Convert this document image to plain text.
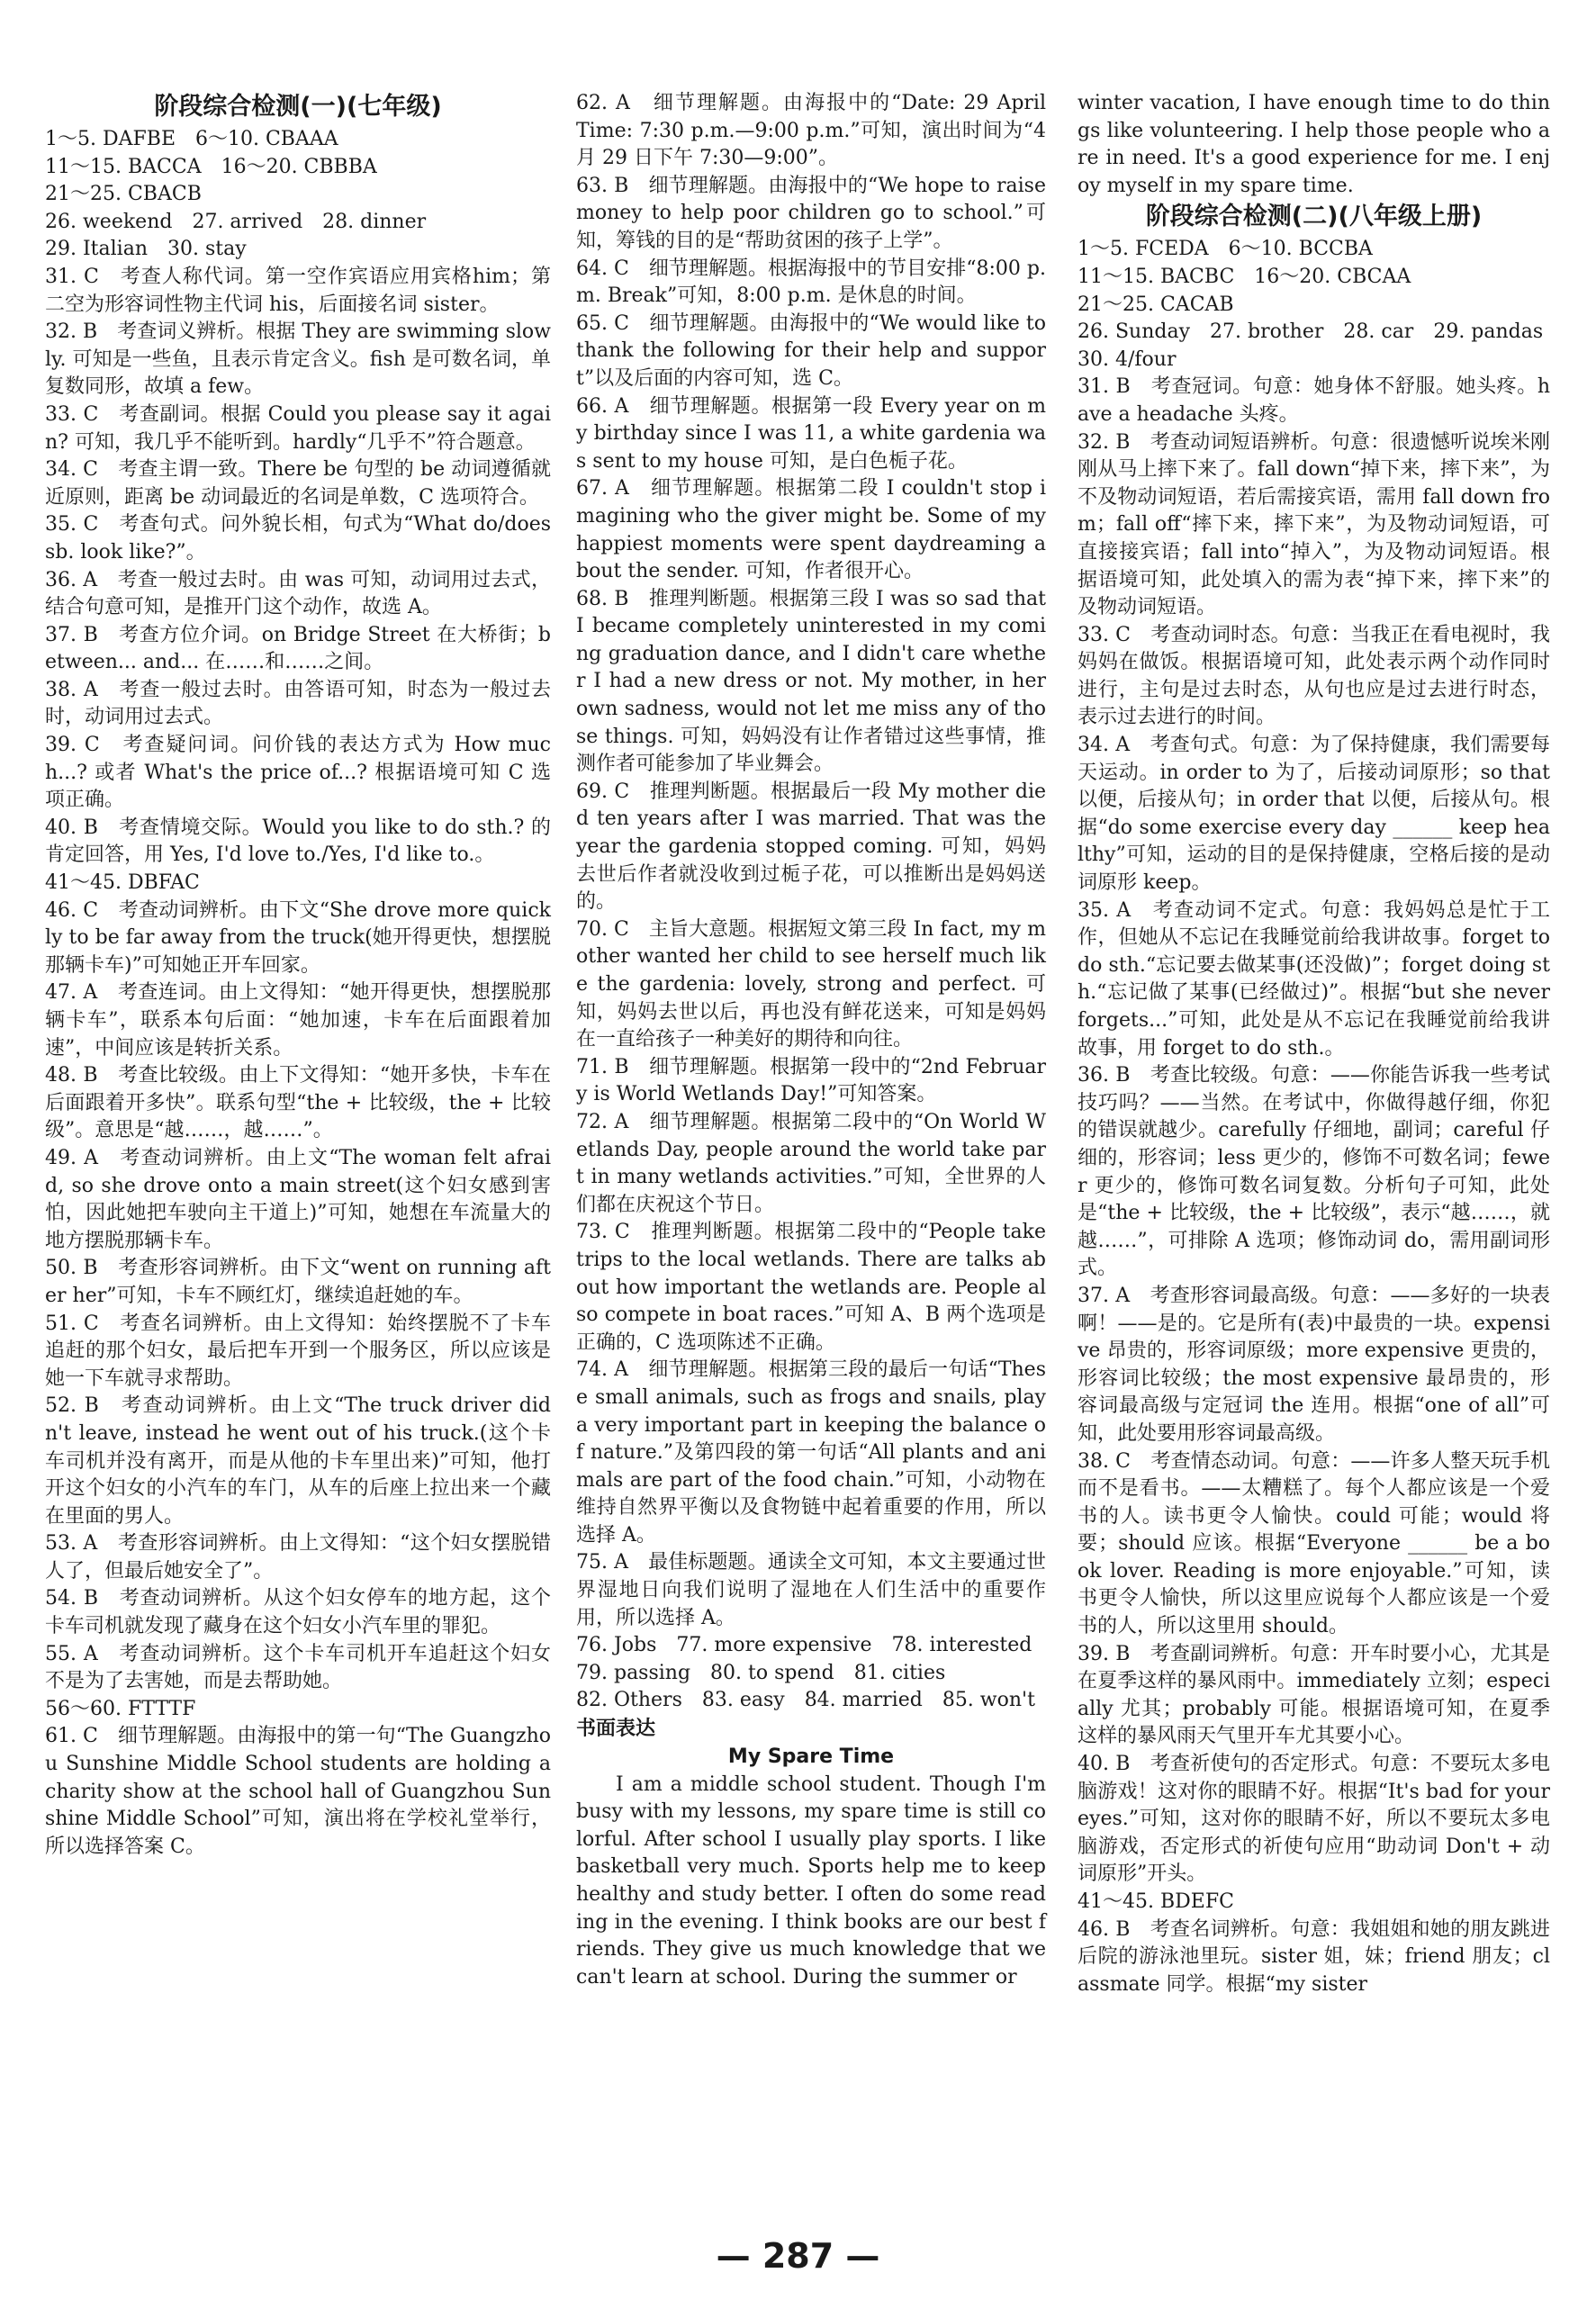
阶段综合检测(一)(七年级)

1～5. DAFBE　6～10. CBAAA

11～15. BACCA　16～20. CBBBA

21～25. CBACB

26. weekend　27. arrived　28. dinner

29. Italian　30. stay

31. C　考查人称代词。第一空作宾语应用宾格him；第二空为形容词性物主代词 his，后面接名词 sister。

32. B　考查词义辨析。根据 They are swimming slowly. 可知是一些鱼，且表示肯定含义。fish 是可数名词，单复数同形，故填 a few。

33. C　考查副词。根据 Could you please say it again? 可知，我几乎不能听到。hardly“几乎不”符合题意。

34. C　考查主谓一致。There be 句型的 be 动词遵循就近原则，距离 be 动词最近的名词是单数，C 选项符合。

35. C　考查句式。问外貌长相，句式为“What do/does sb. look like?”。

36. A　考查一般过去时。由 was 可知，动词用过去式，结合句意可知，是推开门这个动作，故选 A。

37. B　考查方位介词。on Bridge Street 在大桥街；between... and... 在……和……之间。

38. A　考查一般过去时。由答语可知，时态为一般过去时，动词用过去式。

39. C　考查疑问词。问价钱的表达方式为 How much...? 或者 What's the price of...? 根据语境可知 C 选项正确。

40. B　考查情境交际。Would you like to do sth.? 的肯定回答，用 Yes, I'd love to./Yes, I'd like to.。

41～45. DBFAC

46. C　考查动词辨析。由下文“She drove more quickly to be far away from the truck(她开得更快，想摆脱那辆卡车)”可知她正开车回家。

47. A　考查连词。由上文得知：“她开得更快，想摆脱那辆卡车”，联系本句后面：“她加速，卡车在后面跟着加速”，中间应该是转折关系。

48. B　考查比较级。由上下文得知：“她开多快，卡车在后面跟着开多快”。联系句型“the + 比较级，the + 比较级”。意思是“越……，越……”。

49. A　考查动词辨析。由上文“The woman felt afraid, so she drove onto a main street(这个妇女感到害怕，因此她把车驶向主干道上)”可知，她想在车流量大的地方摆脱那辆卡车。

50. B　考查形容词辨析。由下文“went on running after her”可知，卡车不顾红灯，继续追赶她的车。

51. C　考查名词辨析。由上文得知：始终摆脱不了卡车追赶的那个妇女，最后把车开到一个服务区，所以应该是她一下车就寻求帮助。

52. B　考查动词辨析。由上文“The truck driver didn't leave, instead he went out of his truck.(这个卡车司机并没有离开，而是从他的卡车里出来)”可知，他打开这个妇女的小汽车的车门，从车的后座上拉出来一个藏在里面的男人。

53. A　考查形容词辨析。由上文得知：“这个妇女摆脱错人了，但最后她安全了”。

54. B　考查动词辨析。从这个妇女停车的地方起，这个卡车司机就发现了藏身在这个妇女小汽车里的罪犯。

55. A　考查动词辨析。这个卡车司机开车追赶这个妇女不是为了去害她，而是去帮助她。

56～60. FTTTF

61. C　细节理解题。由海报中的第一句“The Guangzhou Sunshine Middle School students are holding a charity show at the school hall of Guangzhou Sunshine Middle School”可知，演出将在学校礼堂举行，所以选择答案 C。

62. A　细节理解题。由海报中的“Date: 29 April　Time: 7:30 p.m.—9:00 p.m.”可知，演出时间为“4 月 29 日下午 7:30—9:00”。

63. B　细节理解题。由海报中的“We hope to raise money to help poor children go to school.”可知，筹钱的目的是“帮助贫困的孩子上学”。

64. C　细节理解题。根据海报中的节目安排“8:00 p.m. Break”可知，8:00 p.m. 是休息的时间。

65. C　细节理解题。由海报中的“We would like to thank the following for their help and support”以及后面的内容可知，选 C。

66. A　细节理解题。根据第一段 Every year on my birthday since I was 11, a white gardenia was sent to my house 可知，是白色栀子花。

67. A　细节理解题。根据第二段 I couldn't stop imagining who the giver might be. Some of my happiest moments were spent daydreaming about the sender. 可知，作者很开心。

68. B　推理判断题。根据第三段 I was so sad that I became completely uninterested in my coming graduation dance, and I didn't care whether I had a new dress or not. My mother, in her own sadness, would not let me miss any of those things. 可知，妈妈没有让作者错过这些事情，推测作者可能参加了毕业舞会。

69. C　推理判断题。根据最后一段 My mother died ten years after I was married. That was the year the gardenia stopped coming. 可知，妈妈去世后作者就没收到过栀子花，可以推断出是妈妈送的。

70. C　主旨大意题。根据短文第三段 In fact, my mother wanted her child to see herself much like the gardenia: lovely, strong and perfect. 可知，妈妈去世以后，再也没有鲜花送来，可知是妈妈在一直给孩子一种美好的期待和向往。

71. B　细节理解题。根据第一段中的“2nd February is World Wetlands Day!”可知答案。

72. A　细节理解题。根据第二段中的“On World Wetlands Day, people around the world take part in many wetlands activities.”可知，全世界的人们都在庆祝这个节日。

73. C　推理判断题。根据第二段中的“People take trips to the local wetlands. There are talks about how important the wetlands are. People also compete in boat races.”可知 A、B 两个选项是正确的，C 选项陈述不正确。

74. A　细节理解题。根据第三段的最后一句话“These small animals, such as frogs and snails, play a very important part in keeping the balance of nature.”及第四段的第一句话“All plants and animals are part of the food chain.”可知，小动物在维持自然界平衡以及食物链中起着重要的作用，所以选择 A。

75. A　最佳标题题。通读全文可知，本文主要通过世界湿地日向我们说明了湿地在人们生活中的重要作用，所以选择 A。

76. Jobs　77. more expensive　78. interested

79. passing　80. to spend　81. cities

82. Others　83. easy　84. married　85. won't

书面表达

My Spare Time

I am a middle school student. Though I'm busy with my lessons, my spare time is still colorful. After school I usually play sports. I like basketball very much. Sports help me to keep healthy and study better. I often do some reading in the evening. I think books are our best friends. They give us much knowledge that we can't learn at school. During the summer or

winter vacation, I have enough time to do things like volunteering. I help those people who are in need. It's a good experience for me. I enjoy myself in my spare time.

阶段综合检测(二)(八年级上册)

1～5. FCEDA　6～10. BCCBA

11～15. BACBC　16～20. CBCAA

21～25. CACAB

26. Sunday　27. brother　28. car　29. pandas

30. 4/four

31. B　考查冠词。句意：她身体不舒服。她头疼。have a headache 头疼。

32. B　考查动词短语辨析。句意：很遗憾听说埃米刚刚从马上摔下来了。fall down“掉下来，摔下来”，为不及物动词短语，若后需接宾语，需用 fall down from；fall off“摔下来，摔下来”，为及物动词短语，可直接接宾语；fall into“掉入”，为及物动词短语。根据语境可知，此处填入的需为表“掉下来，摔下来”的及物动词短语。

33. C　考查动词时态。句意：当我正在看电视时，我妈妈在做饭。根据语境可知，此处表示两个动作同时进行，主句是过去时态，从句也应是过去进行时态，表示过去进行的时间。

34. A　考查句式。句意：为了保持健康，我们需要每天运动。in order to 为了，后接动词原形；so that 以便，后接从句；in order that 以便，后接从句。根据“do some exercise every day ______ keep healthy”可知，运动的目的是保持健康，空格后接的是动词原形 keep。

35. A　考查动词不定式。句意：我妈妈总是忙于工作，但她从不忘记在我睡觉前给我讲故事。forget to do sth.“忘记要去做某事(还没做)”；forget doing sth.“忘记做了某事(已经做过)”。根据“but she never forgets...”可知，此处是从不忘记在我睡觉前给我讲故事，用 forget to do sth.。

36. B　考查比较级。句意：——你能告诉我一些考试技巧吗？——当然。在考试中，你做得越仔细，你犯的错误就越少。carefully 仔细地，副词；careful 仔细的，形容词；less 更少的，修饰不可数名词；fewer 更少的，修饰可数名词复数。分析句子可知，此处是“the + 比较级，the + 比较级”，表示“越……，就越……”，可排除 A 选项；修饰动词 do，需用副词形式。

37. A　考查形容词最高级。句意：——多好的一块表啊！——是的。它是所有(表)中最贵的一块。expensive 昂贵的，形容词原级；more expensive 更贵的，形容词比较级；the most expensive 最昂贵的，形容词最高级与定冠词 the 连用。根据“one of all”可知，此处要用形容词最高级。

38. C　考查情态动词。句意：——许多人整天玩手机而不是看书。——太糟糕了。每个人都应该是一个爱书的人。读书更令人愉快。could 可能；would 将要；should 应该。根据“Everyone ______ be a book lover. Reading is more enjoyable.”可知，读书更令人愉快，所以这里应说每个人都应该是一个爱书的人，所以这里用 should。

39. B　考查副词辨析。句意：开车时要小心，尤其是在夏季这样的暴风雨中。immediately 立刻；especially 尤其；probably 可能。根据语境可知，在夏季这样的暴风雨天气里开车尤其要小心。

40. B　考查祈使句的否定形式。句意：不要玩太多电脑游戏！这对你的眼睛不好。根据“It's bad for your eyes.”可知，这对你的眼睛不好，所以不要玩太多电脑游戏，否定形式的祈使句应用“助动词 Don't + 动词原形”开头。

41～45. BDEFC

46. B　考查名词辨析。句意：我姐姐和她的朋友跳进后院的游泳池里玩。sister 姐，妹；friend 朋友；classmate 同学。根据“my sister

— 287 —
